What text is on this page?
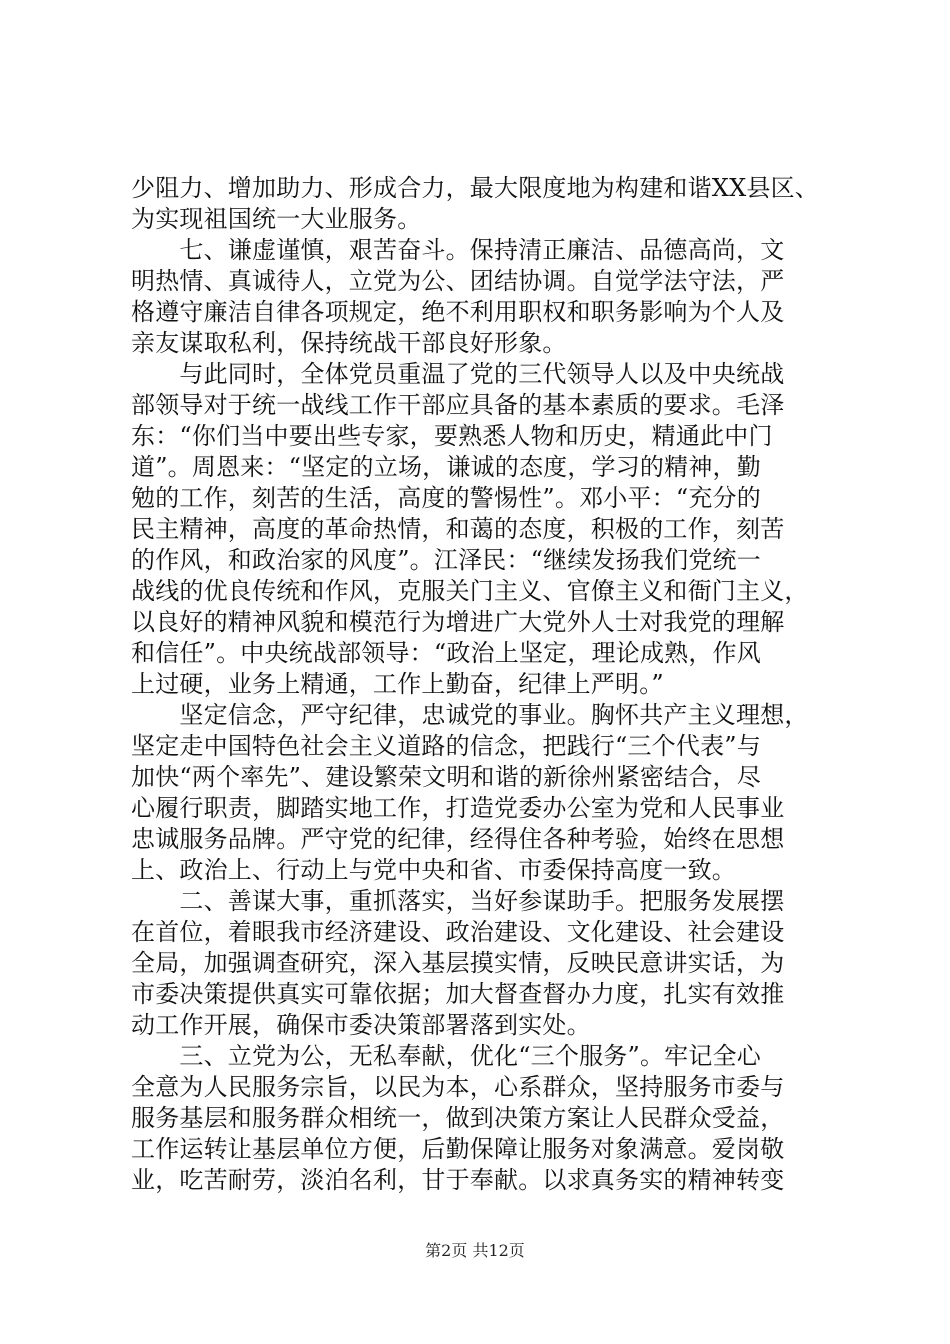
少阻力、增加助力、形成合力，最大限度地为构建和谐XX县区、
为实现祖国统一大业服务。
　　七、谦虚谨慎，艰苦奋斗。保持清正廉洁、品德高尚，文
明热情、真诚待人，立党为公、团结协调。自觉学法守法，严
格遵守廉洁自律各项规定，绝不利用职权和职务影响为个人及
亲友谋取私利，保持统战干部良好形象。
　　与此同时，全体党员重温了党的三代领导人以及中央统战
部领导对于统一战线工作干部应具备的基本素质的要求。毛泽
东：“你们当中要出些专家，要熟悉人物和历史，精通此中门
道”。周恩来：“坚定的立场，谦诚的态度，学习的精神，勤
勉的工作，刻苦的生活，高度的警惕性”。邓小平：“充分的
民主精神，高度的革命热情，和蔼的态度，积极的工作，刻苦
的作风，和政治家的风度”。江泽民：“继续发扬我们党统一
战线的优良传统和作风，克服关门主义、官僚主义和衙门主义，
以良好的精神风貌和模范行为增进广大党外人士对我党的理解
和信任”。中央统战部领导：“政治上坚定，理论成熟，作风
上过硬，业务上精通，工作上勤奋，纪律上严明。”
　　坚定信念，严守纪律，忠诚党的事业。胸怀共产主义理想，
坚定走中国特色社会主义道路的信念，把践行“三个代表”与
加快“两个率先”、建设繁荣文明和谐的新徐州紧密结合，尽
心履行职责，脚踏实地工作，打造党委办公室为党和人民事业
忠诚服务品牌。严守党的纪律，经得住各种考验，始终在思想
上、政治上、行动上与党中央和省、市委保持高度一致。
　　二、善谋大事，重抓落实，当好参谋助手。把服务发展摆
在首位，着眼我市经济建设、政治建设、文化建设、社会建设
全局，加强调查研究，深入基层摸实情，反映民意讲实话，为
市委决策提供真实可靠依据；加大督查督办力度，扎实有效推
动工作开展，确保市委决策部署落到实处。
　　三、立党为公，无私奉献，优化“三个服务”。牢记全心
全意为人民服务宗旨，以民为本，心系群众，坚持服务市委与
服务基层和服务群众相统一，做到决策方案让人民群众受益，
工作运转让基层单位方便，后勤保障让服务对象满意。爱岗敬
业，吃苦耐劳，淡泊名利，甘于奉献。以求真务实的精神转变
第2页 共12页
